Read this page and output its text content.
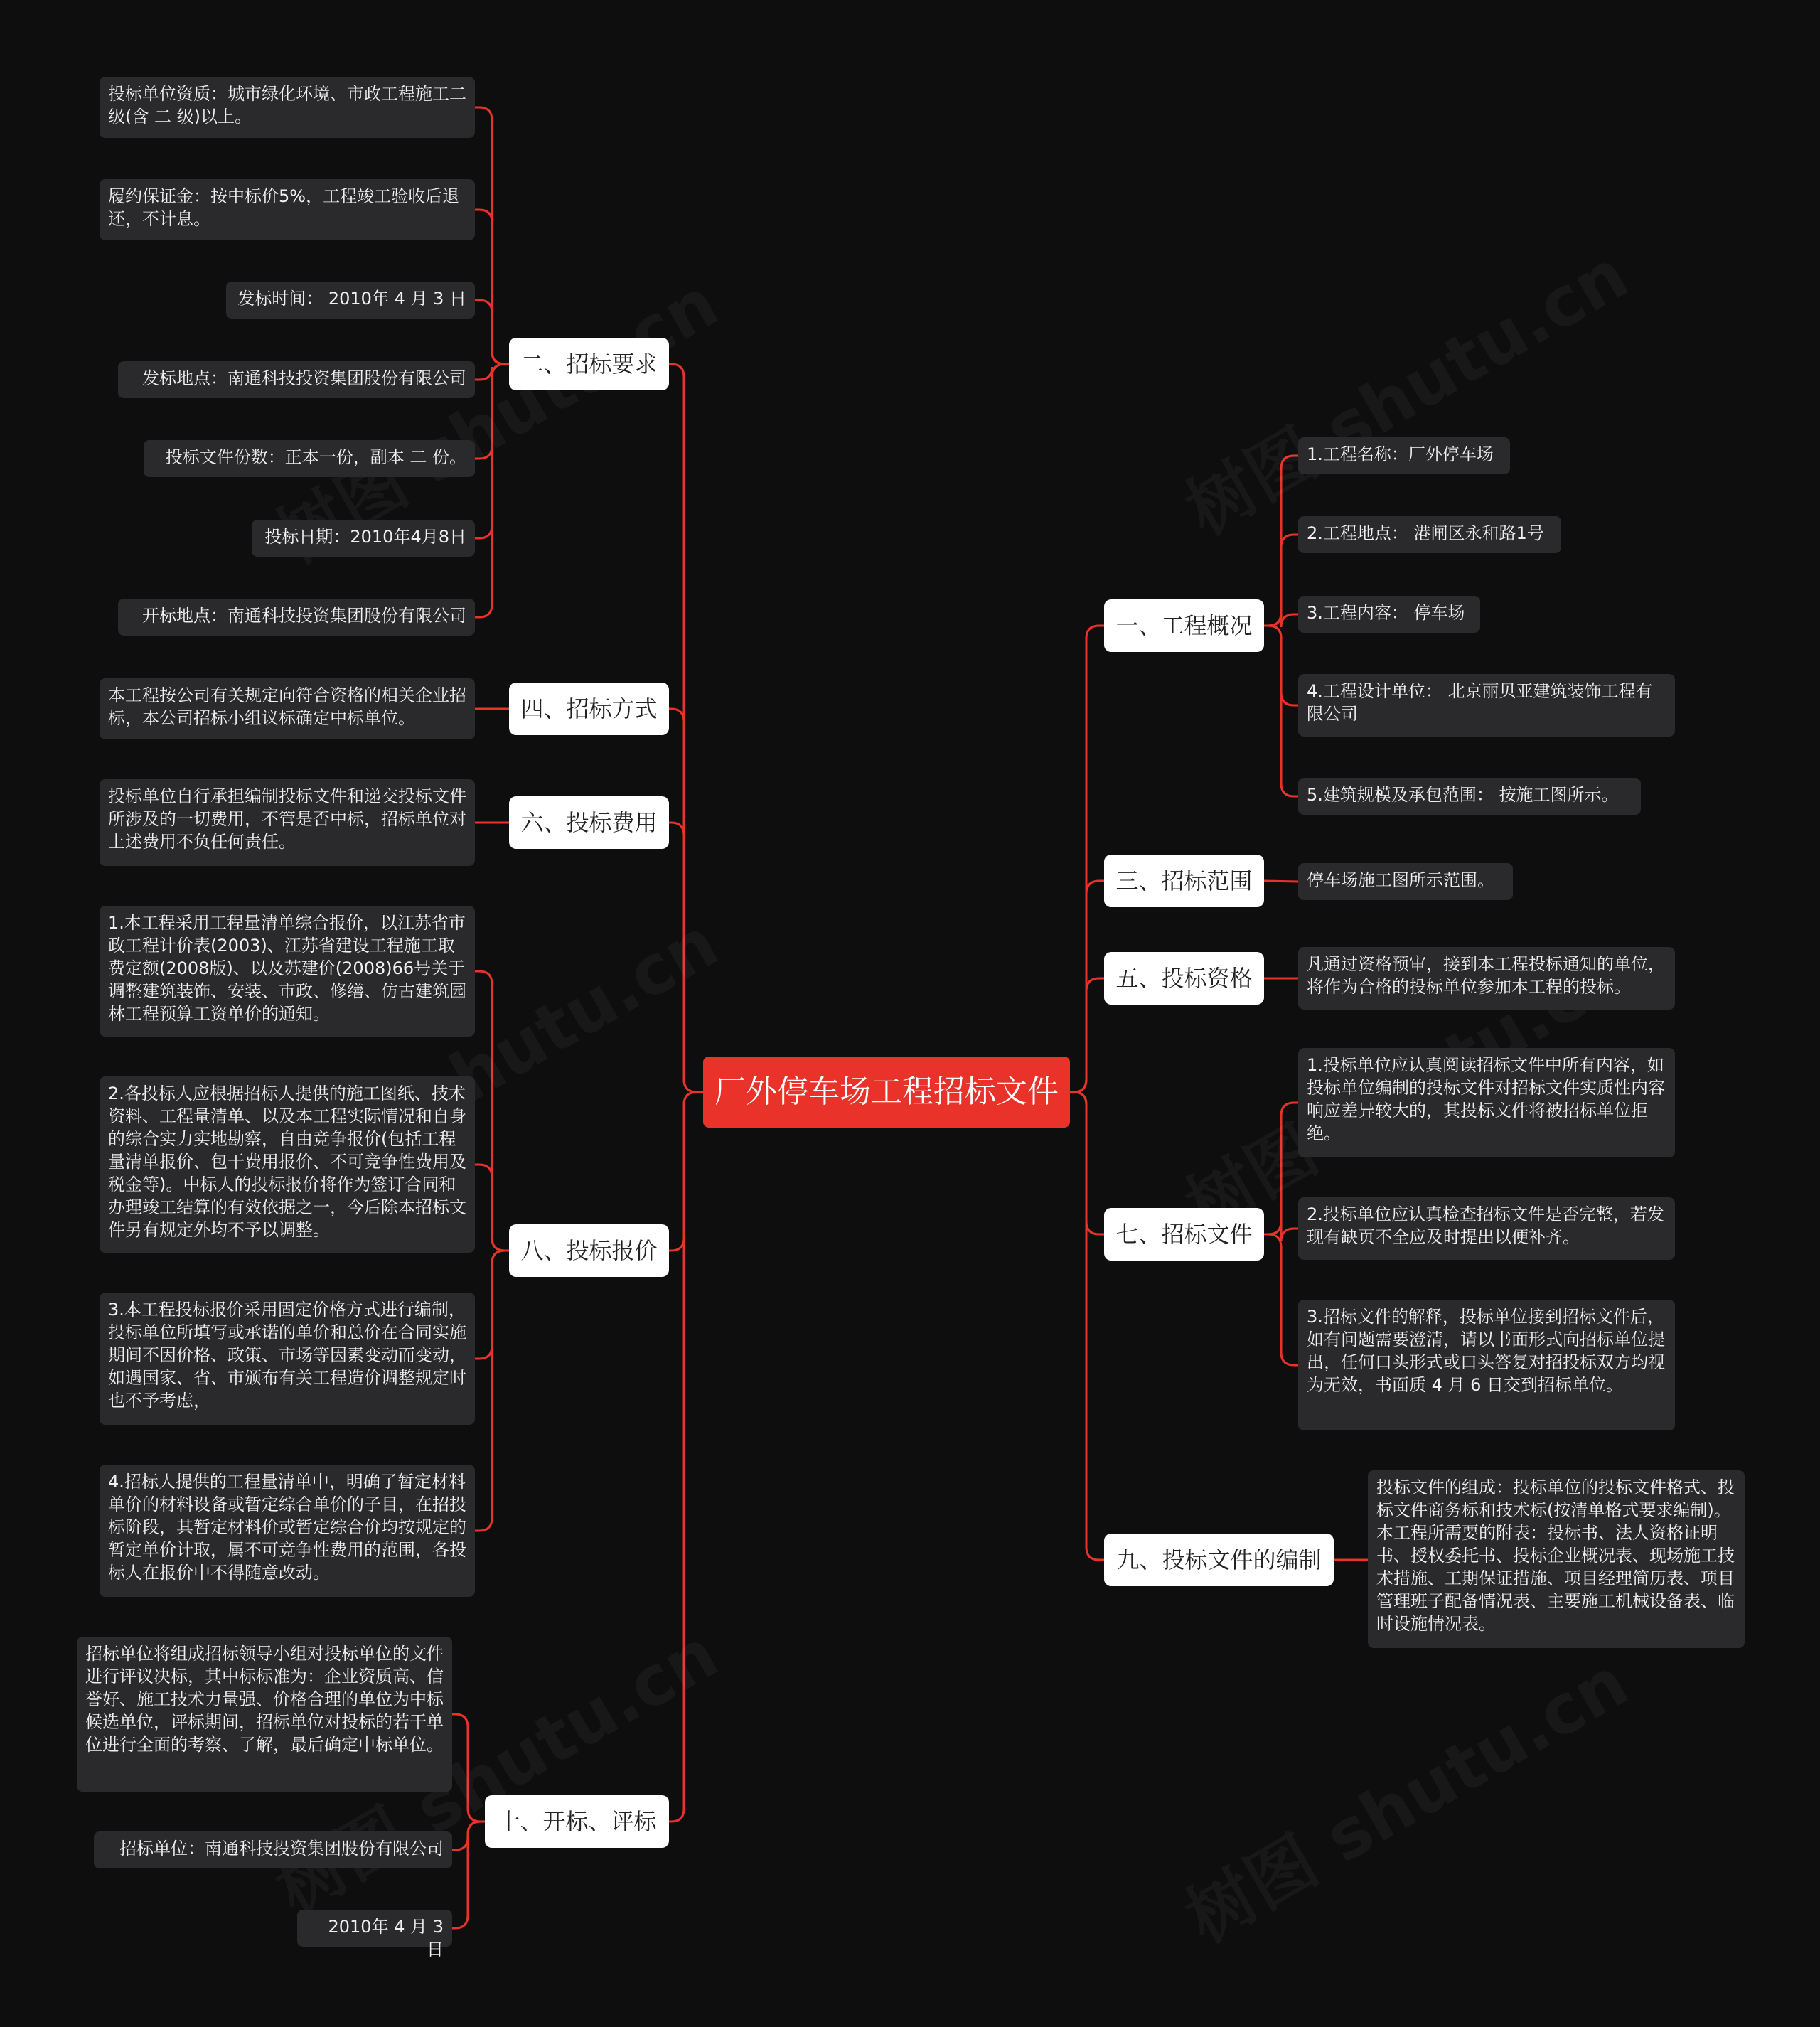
厂外停车场工程招标文件
二、招标要求
四、招标方式
六、投标费用
八、投标报价
十、开标、评标
一、工程概况
三、招标范围
五、投标资格
七、招标文件
九、投标文件的编制
投标单位资质：城市绿化环境、市政工程施工二 级(含 二 级)以上。
履约保证金：按中标价5%，工程竣工验收后退还，不计息。
发标时间： 2010年 4 月 3 日
发标地点：南通科技投资集团股份有限公司
投标文件份数：正本一份，副本 二 份。
投标日期：2010年4月8日
开标地点：南通科技投资集团股份有限公司
本工程按公司有关规定向符合资格的相关企业招标，本公司招标小组议标确定中标单位。
投标单位自行承担编制投标文件和递交投标文件所涉及的一切费用，不管是否中标，招标单位对上述费用不负任何责任。
1.本工程采用工程量清单综合报价，以江苏省市政工程计价表(2003)、江苏省建设工程施工取费定额(2008版)、以及苏建价(2008)66号关于调整建筑装饰、安装、市政、修缮、仿古建筑园林工程预算工资单价的通知。
2.各投标人应根据招标人提供的施工图纸、技术资料、工程量清单、以及本工程实际情况和自身的综合实力实地勘察，自由竞争报价(包括工程量清单报价、包干费用报价、不可竞争性费用及税金等)。中标人的投标报价将作为签订合同和办理竣工结算的有效依据之一，今后除本招标文件另有规定外均不予以调整。
3.本工程投标报价采用固定价格方式进行编制，投标单位所填写或承诺的单价和总价在合同实施期间不因价格、政策、市场等因素变动而变动，如遇国家、省、市颁布有关工程造价调整规定时也不予考虑，
4.招标人提供的工程量清单中，明确了暂定材料单价的材料设备或暂定综合单价的子目，在招投标阶段，其暂定材料价或暂定综合价均按规定的暂定单价计取，属不可竞争性费用的范围，各投标人在报价中不得随意改动。
招标单位将组成招标领导小组对投标单位的文件进行评议决标，其中标标准为：企业资质高、信誉好、施工技术力量强、价格合理的单位为中标候选单位，评标期间，招标单位对投标的若干单位进行全面的考察、了解，最后确定中标单位。
招标单位：南通科技投资集团股份有限公司
2010年 4 月 3 日
1.工程名称：厂外停车场
2.工程地点： 港闸区永和路1号
3.工程内容： 停车场
4.工程设计单位： 北京丽贝亚建筑装饰工程有限公司
5.建筑规模及承包范围： 按施工图所示。
停车场施工图所示范围。
凡通过资格预审，接到本工程投标通知的单位，将作为合格的投标单位参加本工程的投标。
1.投标单位应认真阅读招标文件中所有内容，如投标单位编制的投标文件对招标文件实质性内容响应差异较大的，其投标文件将被招标单位拒绝。
2.投标单位应认真检查招标文件是否完整，若发现有缺页不全应及时提出以便补齐。
3.招标文件的解释，投标单位接到招标文件后，如有问题需要澄清，请以书面形式向招标单位提出，任何口头形式或口头答复对招投标双方均视为无效，书面质 4 月 6 日交到招标单位。
投标文件的组成：投标单位的投标文件格式、投标文件商务标和技术标(按清单格式要求编制)。本工程所需要的附表：投标书、法人资格证明书、授权委托书、投标企业概况表、现场施工技术措施、工期保证措施、项目经理简历表、项目管理班子配备情况表、主要施工机械设备表、临时设施情况表。
